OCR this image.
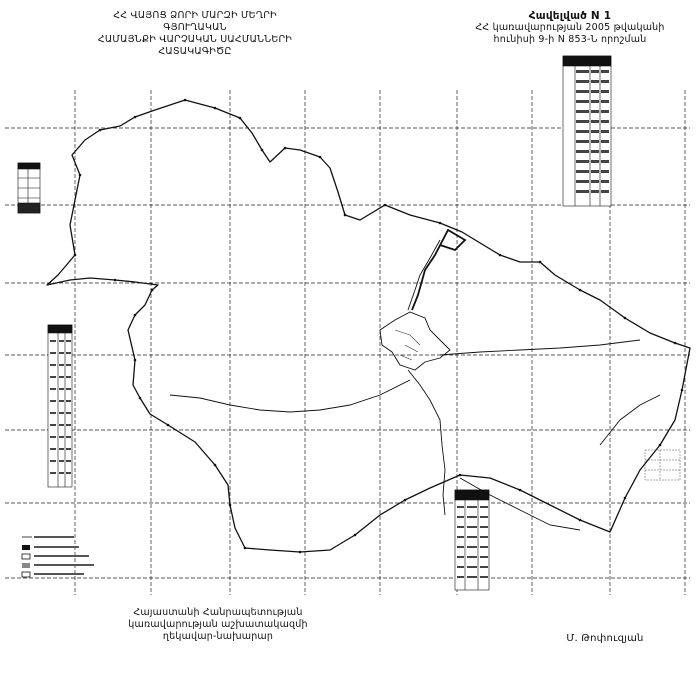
ՀՀ ՎԱՅՈՑ ՁՈՐԻ ՄԱՐԶԻ ՄԵՂՐԻ ԳՅՈՒՂԱԿԱՆ
ՀԱՄԱՅՆՔԻ ՎԱՐՉԱԿԱՆ ՍԱՀՄԱՆՆԵՐԻ
ՀԱՏԱԿԱԳԻԾԸ
Հավելված N 1
ՀՀ կառավարության 2005 թվականի
հունիսի 9-ի N 853-Ն որոշման
Հայաստանի Հանրապետության
կառավարության աշխատակազմի
ղեկավար-նախարար	Մ. Թոփուզյան
